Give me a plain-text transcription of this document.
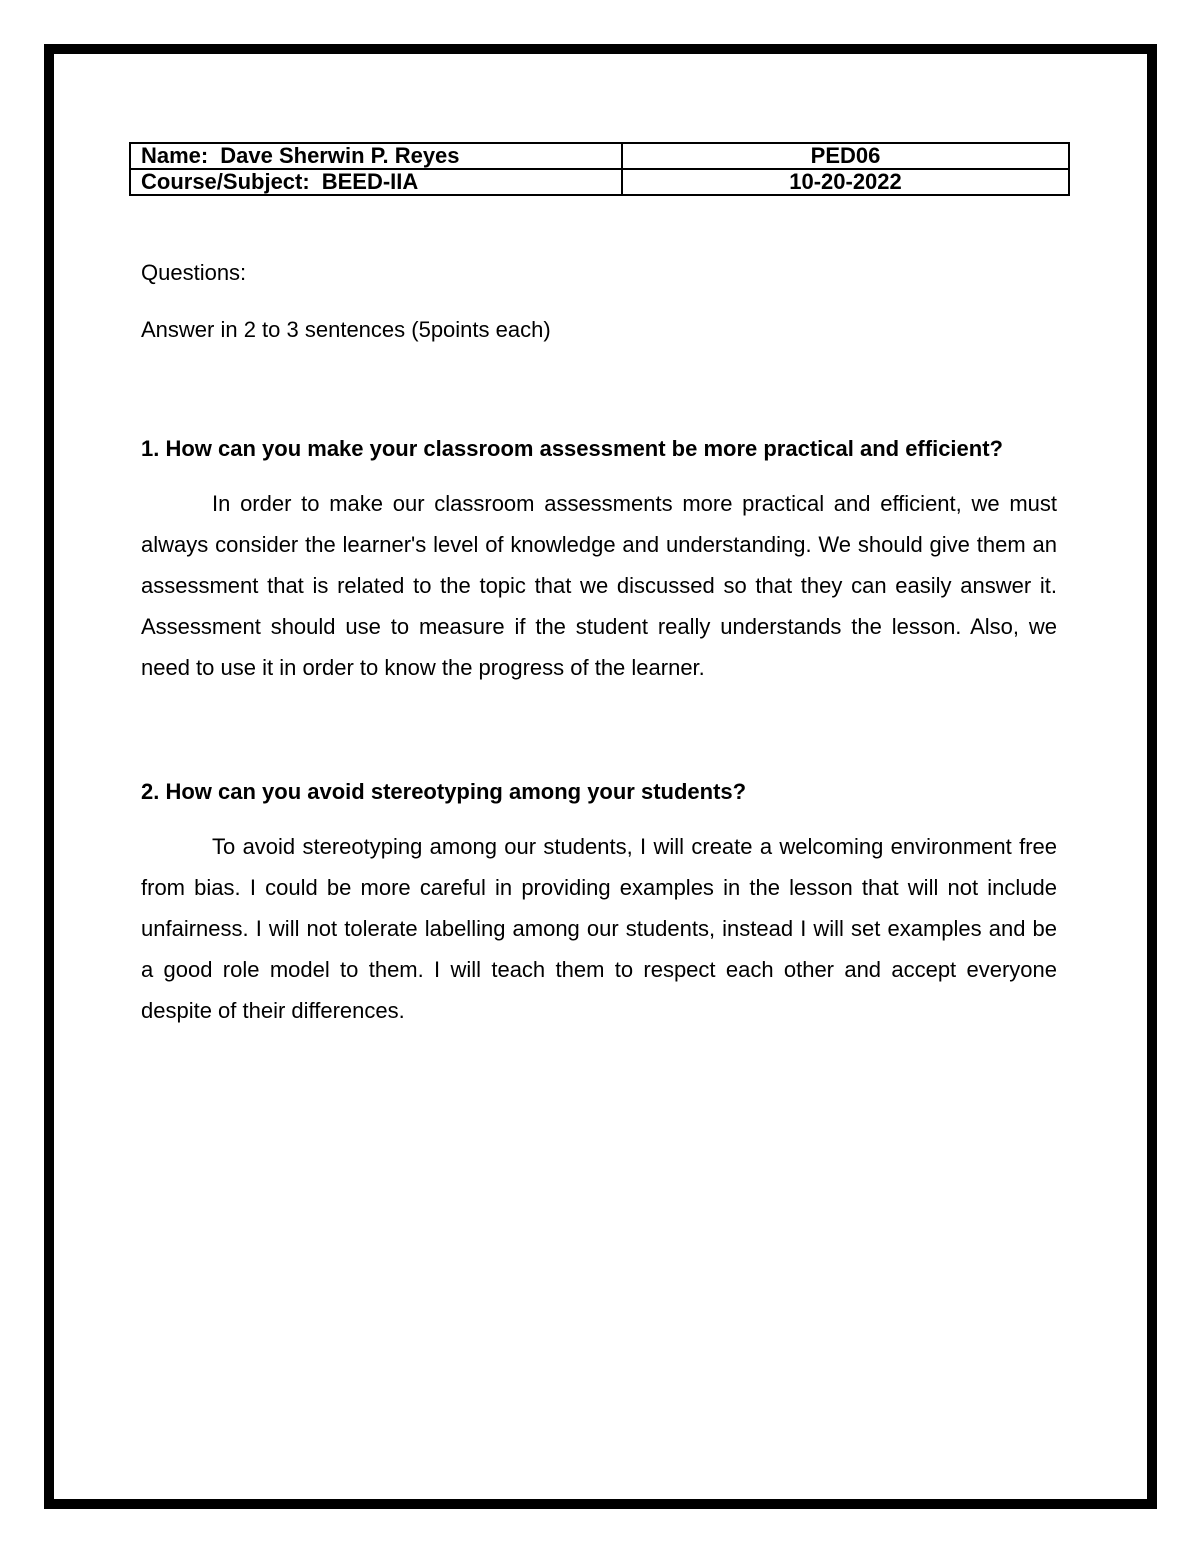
Name: Dave Sherwin P. Reyes	PED06
Course/Subject: BEED-IIA	10-20-2022

Questions:

Answer in 2 to 3 sentences (5points each)

1. How can you make your classroom assessment be more practical and efficient?

In order to make our classroom assessments more practical and efficient, we must always consider the learner's level of knowledge and understanding. We should give them an assessment that is related to the topic that we discussed so that they can easily answer it. Assessment should use to measure if the student really understands the lesson. Also, we need to use it in order to know the progress of the learner.

2. How can you avoid stereotyping among your students?

To avoid stereotyping among our students, I will create a welcoming environment free from bias. I could be more careful in providing examples in the lesson that will not include unfairness. I will not tolerate labelling among our students, instead I will set examples and be a good role model to them. I will teach them to respect each other and accept everyone despite of their differences.
